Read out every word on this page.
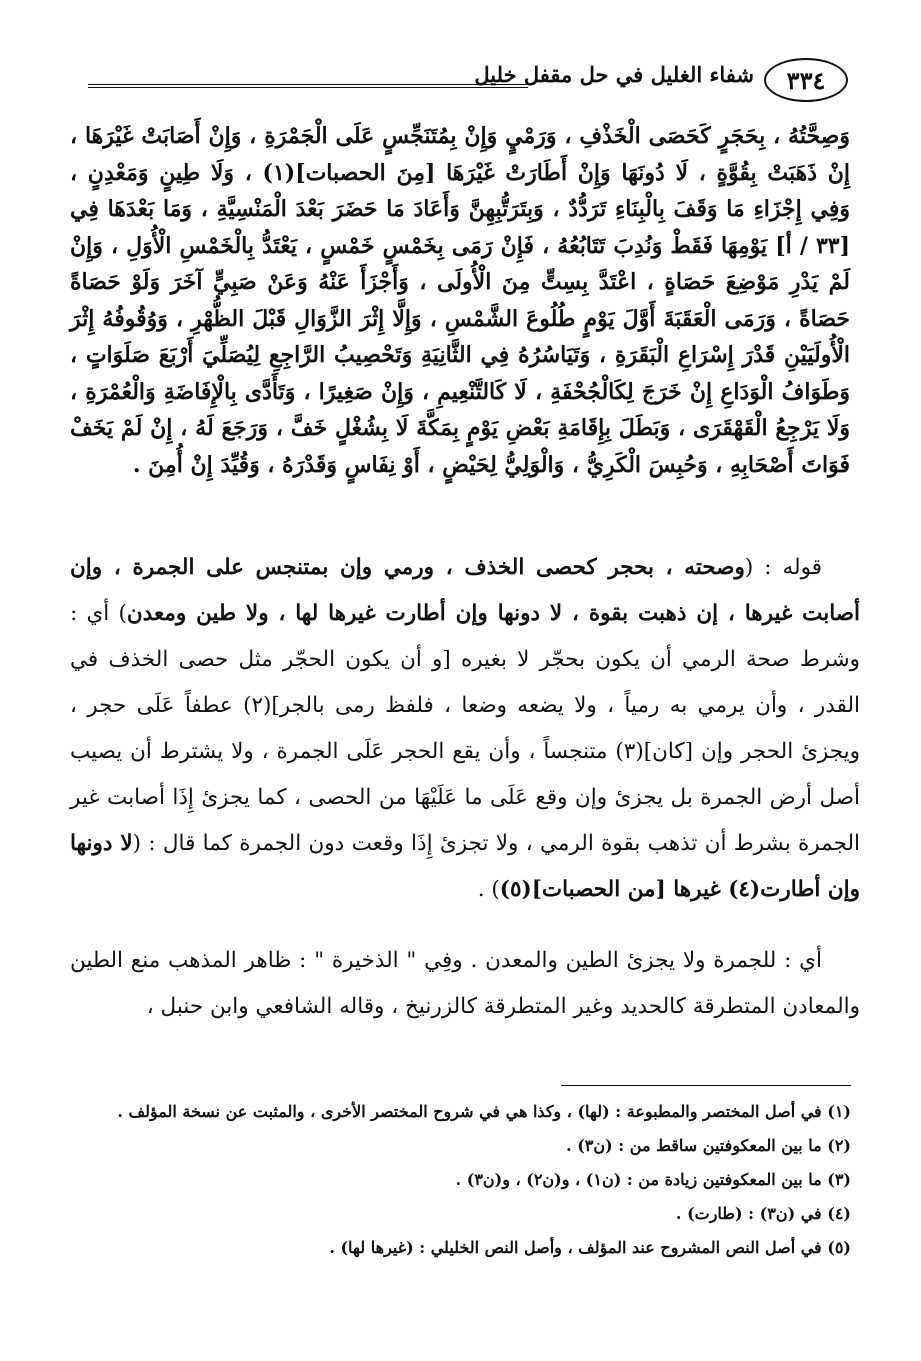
٣٣٤
شفاء الغليل في حل مقفل خليل
وَصِحَّتُهُ ، بِحَجَرٍ كَحَصَى الْخَذْفِ ، وَرَمْيٍ وَإِنْ بِمُتَنَجِّسٍ عَلَى الْجَمْرَةِ ، وَإِنْ أَصَابَتْ غَيْرَهَا ، إِنْ ذَهَبَتْ بِقُوَّةٍ ، لَا دُونَهَا وَإِنْ أَطَارَتْ غَيْرَهَا [مِنَ الحصبات](١) ، وَلَا طِينٍ وَمَعْدِنٍ ، وَفِي إِجْزَاءِ مَا وَقَفَ بِالْبِنَاءِ تَرَدُّدٌ ، وَبِتَرَتُّبِهِنَّ وَأَعَادَ مَا حَضَرَ بَعْدَ الْمَنْسِيَّةِ ، وَمَا بَعْدَهَا فِي [٣٣ / أ] يَوْمِهَا فَقَطْ وَنُدِبَ تَتَابُعُهُ ، فَإِنْ رَمَى بِخَمْسٍ خَمْسٍ ، يَعْتَدُّ بِالْخَمْسِ الْأُوَلِ ، وَإِنْ لَمْ يَدْرِ مَوْضِعَ حَصَاةٍ ، اعْتَدَّ بِسِتٍّ مِنَ الْأُولَى ، وَأَجْزَأَ عَنْهُ وَعَنْ صَبِيٍّ آخَرَ وَلَوْ حَصَاةً حَصَاةً ، وَرَمَى الْعَقَبَةَ أَوَّلَ يَوْمٍ طُلُوعَ الشَّمْسِ ، وَإِلَّا إِثْرَ الزَّوَالِ قَبْلَ الظُّهْرِ ، وَوُقُوفُهُ إِثْرَ الْأُولَيَيْنِ قَدْرَ إِسْرَاعِ الْبَقَرَةِ ، وَتَيَاسُرُهُ فِي الثَّانِيَةِ وَتَحْصِيبُ الرَّاجِعِ لِيُصَلِّيَ أَرْبَعَ صَلَوَاتٍ ، وَطَوَافُ الْوَدَاعِ إِنْ خَرَجَ لِكَالْجُحْفَةِ ، لَا كَالتَّنْعِيمِ ، وَإِنْ صَغِيرًا ، وَتَأَدَّى بِالْإِفَاضَةِ وَالْعُمْرَةِ ، وَلَا يَرْجِعُ الْقَهْقَرَى ، وَبَطَلَ بِإِقَامَةِ بَعْضِ يَوْمٍ بِمَكَّةَ لَا بِشُغْلٍ خَفَّ ، وَرَجَعَ لَهُ ، إِنْ لَمْ يَخَفْ فَوَاتَ أَصْحَابِهِ ، وَحُبِسَ الْكَرِيُّ ، وَالْوَلِيُّ لِحَيْضٍ ، أَوْ نِفَاسٍ وَقَدْرَهُ ، وَقُيِّدَ إِنْ أُمِنَ .

قوله : (وصحته ، بحجر كحصى الخذف ، ورمي وإن بمتنجس على الجمرة ، وإن أصابت غيرها ، إن ذهبت بقوة ، لا دونها وإن أطارت غيرها لها ، ولا طين ومعدن) أي : وشرط صحة الرمي أن يكون بحجّر لا بغيره [و أن يكون الحجّر مثل حصى الخذف في القدر ، وأن يرمي به رمياً ، ولا يضعه وضعا ، فلفظ رمى بالجر](٢) عطفاً عَلَى حجر ، ويجزئ الحجر وإن [كان](٣) متنجساً ، وأن يقع الحجر عَلَى الجمرة ، ولا يشترط أن يصيب أصل أرض الجمرة بل يجزئ وإن وقع عَلَى ما عَلَيْهَا من الحصى ، كما يجزئ إِذَا أصابت غير الجمرة بشرط أن تذهب بقوة الرمي ، ولا تجزئ إِذَا وقعت دون الجمرة كما قال : (لا دونها وإن أطارت(٤) غيرها [من الحصبات](٥)) .

أي : للجمرة ولا يجزئ الطين والمعدن . وفِي " الذخيرة " : ظاهر المذهب منع الطين والمعادن المتطرقة كالحديد وغير المتطرقة كالزرنيخ ، وقاله الشافعي وابن حنبل ،

(١) في أصل المختصر والمطبوعة : (لها) ، وكذا هي في شروح المختصر الأخرى ، والمثبت عن نسخة المؤلف .
(٢) ما بين المعكوفتين ساقط من : (ن٣) .
(٣) ما بين المعكوفتين زيادة من : (ن١) ، و(ن٢) ، و(ن٣) .
(٤) في (ن٣) : (طارت) .
(٥) في أصل النص المشروح عند المؤلف ، وأصل النص الخليلي : (غيرها لها) .
